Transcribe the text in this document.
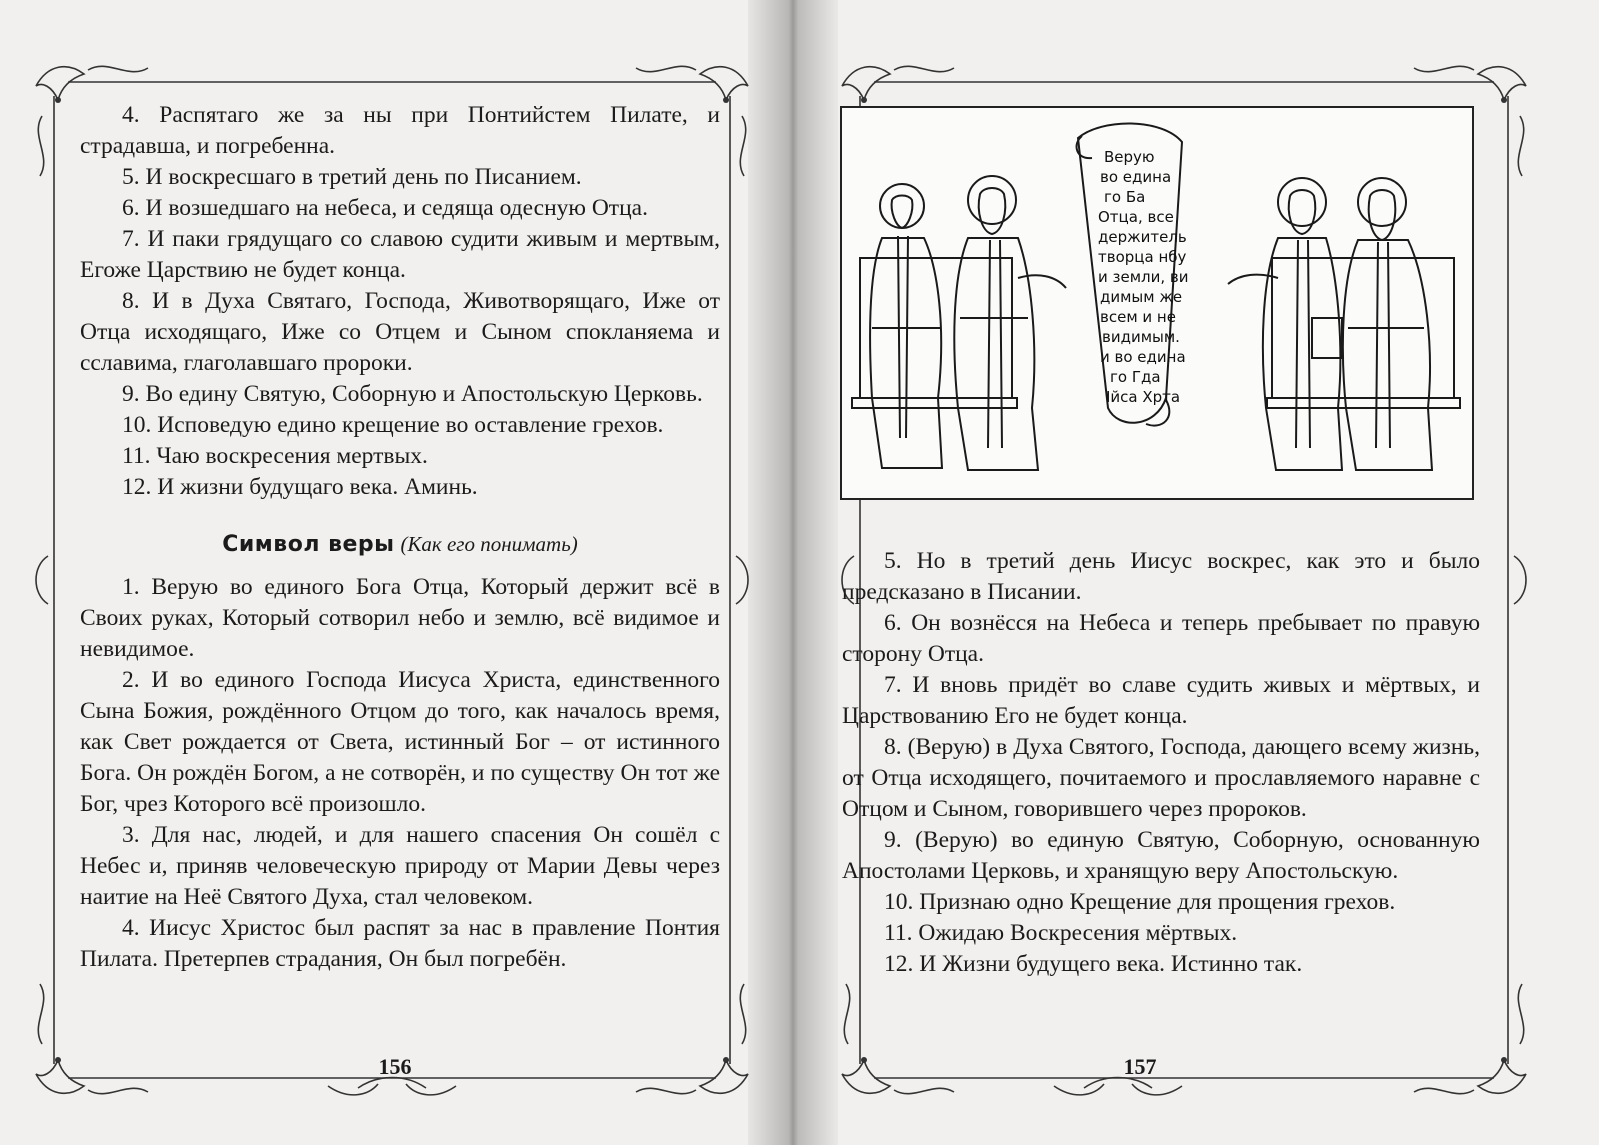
4. Распятаго же за ны при Понтийстем Пилате, и страдавша, и погребенна.

5. И воскресшаго в третий день по Писанием.

6. И возшедшаго на небеса, и седяща одесную Отца.

7. И паки грядущаго со славою судити живым и мертвым, Егоже Царствию не будет конца.

8. И в Духа Святаго, Господа, Животворящаго, Иже от Отца исходящаго, Иже со Отцем и Сыном спокланяема и сславима, глаголавшаго пророки.

9. Во едину Святую, Соборную и Апостольскую Церковь.

10. Исповедую едино крещение во оставление грехов.

11. Чаю воскресения мертвых.

12. И жизни будущаго века. Аминь.

Символ веры (Как его понимать)

1. Верую во единого Бога Отца, Который держит всё в Своих руках, Который сотворил небо и землю, всё видимое и невидимое.

2. И во единого Господа Иисуса Христа, единственного Сына Божия, рождённого Отцом до того, как началось время, как Свет рождается от Света, истинный Бог – от истинного Бога. Он рождён Богом, а не сотворён, и по существу Он тот же Бог, чрез Которого всё произошло.

3. Для нас, людей, и для нашего спасения Он сошёл с Небес и, приняв человеческую природу от Марии Девы через наитие на Неё Святого Духа, стал человеком.

4. Иисус Христос был распят за нас в правление Понтия Пилата. Претерпев страдания, Он был погребён.

156
Верую
во едина
го Ба
Отца, все
держитель
творца нбу
и земли, ви
димым же
всем и не
видимым.
и во едина
го Гда
Ійса Хрта

5. Но в третий день Иисус воскрес, как это и было предсказано в Писании.

6. Он вознёсся на Небеса и теперь пребывает по правую сторону Отца.

7. И вновь придёт во славе судить живых и мёртвых, и Царствованию Его не будет конца.

8. (Верую) в Духа Святого, Господа, дающего всему жизнь, от Отца исходящего, почитаемого и прославляемого наравне с Отцом и Сыном, говорившего через пророков.

9. (Верую) во единую Святую, Соборную, основанную Апостолами Церковь, и хранящую веру Апостольскую.

10. Признаю одно Крещение для прощения грехов.

11. Ожидаю Воскресения мёртвых.

12. И Жизни будущего века. Истинно так.

157
